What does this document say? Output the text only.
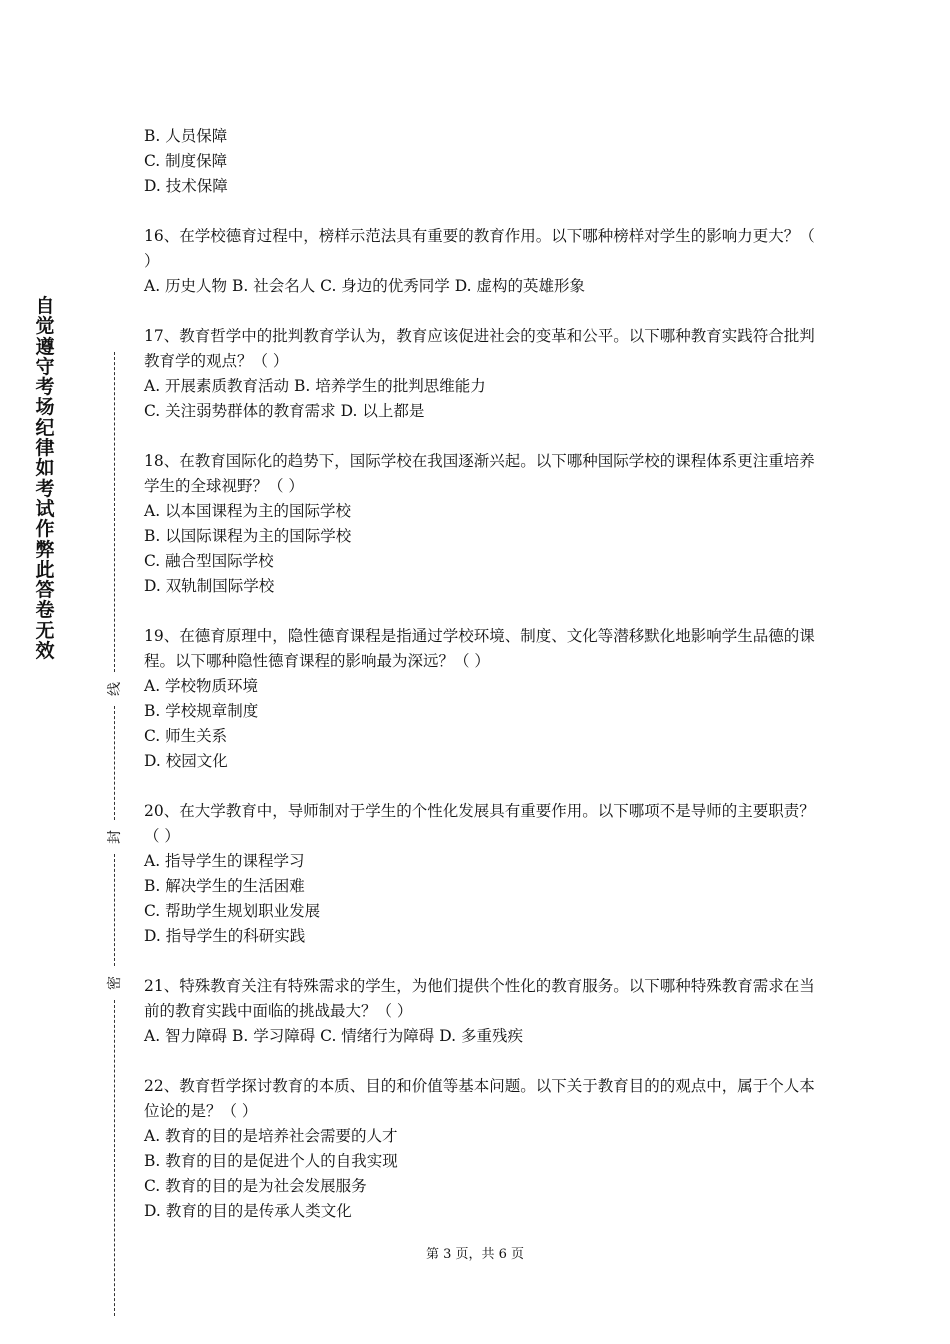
自
觉
遵
守
考
场
纪
律
如
考
试
作
弊
此
答
卷
无
效
线
封
密

B. 人员保障

C. 制度保障

D. 技术保障

16、在学校德育过程中，榜样示范法具有重要的教育作用。以下哪种榜样对学生的影响力更大？（ ）

A. 历史人物 B. 社会名人 C. 身边的优秀同学 D. 虚构的英雄形象

17、教育哲学中的批判教育学认为，教育应该促进社会的变革和公平。以下哪种教育实践符合批判教育学的观点？（ ）

A. 开展素质教育活动 B. 培养学生的批判思维能力

C. 关注弱势群体的教育需求 D. 以上都是

18、在教育国际化的趋势下，国际学校在我国逐渐兴起。以下哪种国际学校的课程体系更注重培养学生的全球视野？（ ）

A. 以本国课程为主的国际学校

B. 以国际课程为主的国际学校

C. 融合型国际学校

D. 双轨制国际学校

19、在德育原理中，隐性德育课程是指通过学校环境、制度、文化等潜移默化地影响学生品德的课程。以下哪种隐性德育课程的影响最为深远？（ ）

A. 学校物质环境

B. 学校规章制度

C. 师生关系

D. 校园文化

20、在大学教育中，导师制对于学生的个性化发展具有重要作用。以下哪项不是导师的主要职责？（ ）

A. 指导学生的课程学习

B. 解决学生的生活困难

C. 帮助学生规划职业发展

D. 指导学生的科研实践

21、特殊教育关注有特殊需求的学生，为他们提供个性化的教育服务。以下哪种特殊教育需求在当前的教育实践中面临的挑战最大？（ ）

A. 智力障碍 B. 学习障碍 C. 情绪行为障碍 D. 多重残疾

22、教育哲学探讨教育的本质、目的和价值等基本问题。以下关于教育目的的观点中，属于个人本位论的是？（ ）

A. 教育的目的是培养社会需要的人才

B. 教育的目的是促进个人的自我实现

C. 教育的目的是为社会发展服务

D. 教育的目的是传承人类文化

第 3 页，共 6 页
